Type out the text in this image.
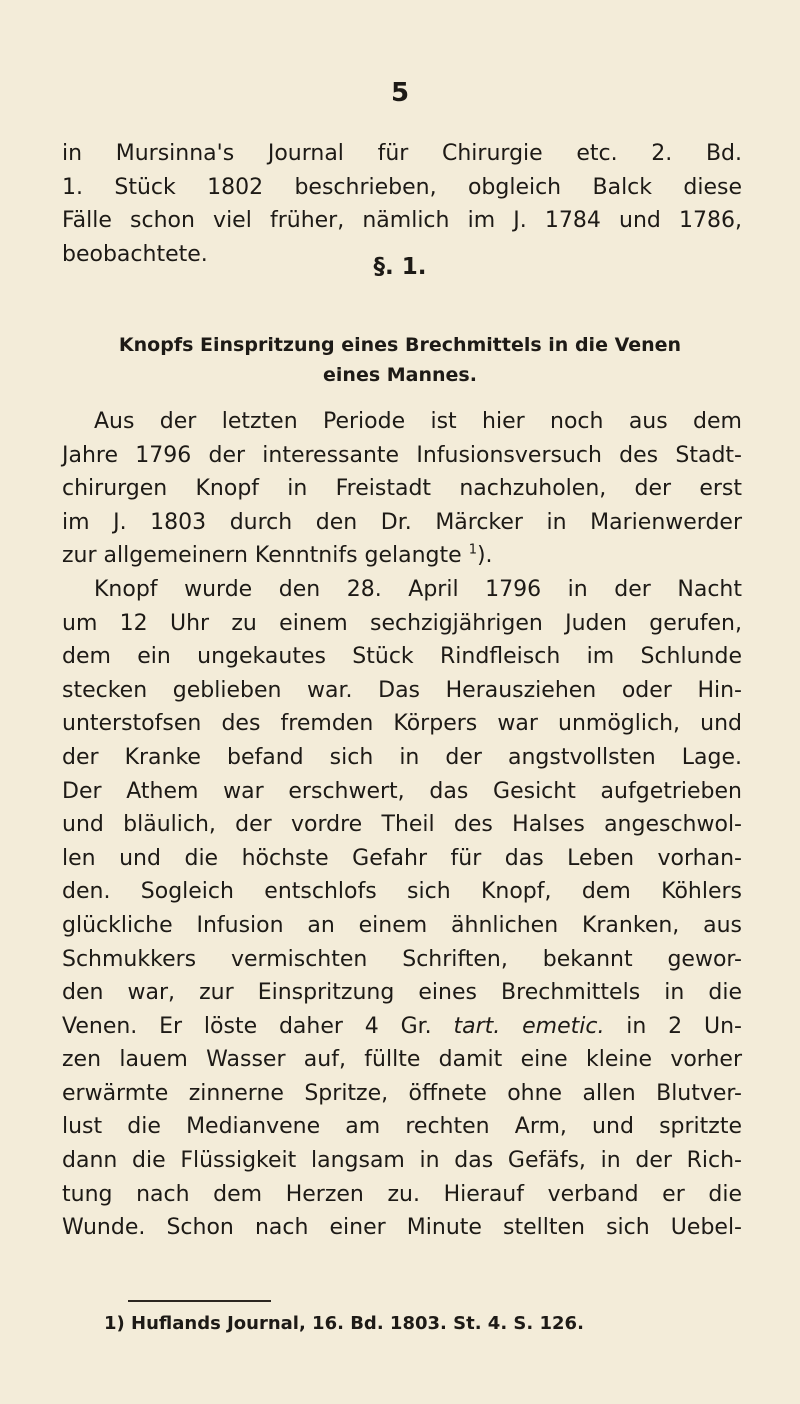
5
in Mursinna's Journal für Chirurgie etc. 2. Bd.
1. Stück 1802 beschrieben, obgleich Balck diese
Fälle schon viel früher, nämlich im J. 1784 und 1786,
beobachtete.	§. 1.
Knopfs Einspritzung eines Brechmittels in die Venen
eines Mannes.
Aus der letzten Periode ist hier noch aus dem
Jahre 1796 der interessante Infusionsversuch des Stadt-
chirurgen Knopf in Freistadt nachzuholen, der erst
im J. 1803 durch den Dr. Märcker in Marienwerder
zur allgemeinern Kenntnifs gelangte $^1$).
Knopf wurde den 28. April 1796 in der Nacht
um 12 Uhr zu einem sechzigjährigen Juden gerufen,
dem ein ungekautes Stück Rindfleisch im Schlunde
stecken geblieben war. Das Herausziehen oder Hin-
unterstofsen des fremden Körpers war unmöglich, und
der Kranke befand sich in der angstvollsten Lage.
Der Athem war erschwert, das Gesicht aufgetrieben
und bläulich, der vordre Theil des Halses angeschwol-
len und die höchste Gefahr für das Leben vorhan-
den. Sogleich entschlofs sich Knopf, dem Köhlers
glückliche Infusion an einem ähnlichen Kranken, aus
Schmukkers vermischten Schriften, bekannt gewor-
den war, zur Einspritzung eines Brechmittels in die
Venen. Er löste daher 4 Gr. tart. emetic. in 2 Un-
zen lauem Wasser auf, füllte damit eine kleine vorher
erwärmte zinnerne Spritze, öffnete ohne allen Blutver-
lust die Medianvene am rechten Arm, und spritzte
dann die Flüssigkeit langsam in das Gefäfs, in der Rich-
tung nach dem Herzen zu. Hierauf verband er die
Wunde. Schon nach einer Minute stellten sich Uebel-
1) Huflands Journal, 16. Bd. 1803. St. 4. S. 126.
